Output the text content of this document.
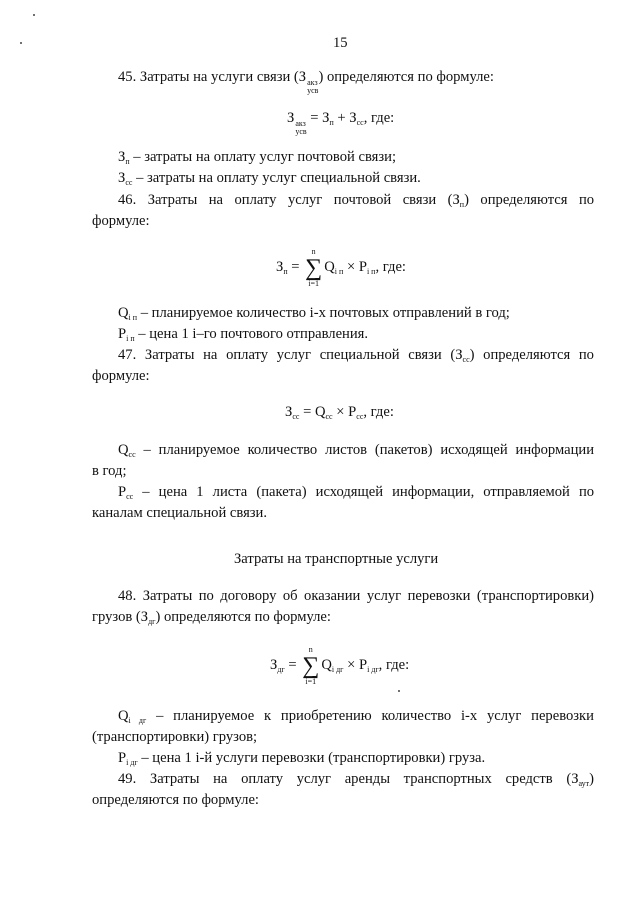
15
45. Затраты на услуги связи (З акз
усв
) определяются по формуле:
З акз
усв
= $З_п + З_{сс}$, где:
$З_п$ – затраты на оплату услуг почтовой связи;
$З_{сс}$ – затраты на оплату услуг специальной связи.
46. Затраты на оплату услуг почтовой связи $(З_п)$ определяются по
формуле:
$З_п$ =
n
∑
i=1
$Q_{i п} \times P_{i п}$, где:
$Q_{i п}$ – планируемое количество i-х почтовых отправлений в год;
$P_{i п}$ – цена 1 i–го почтового отправления.
47. Затраты на оплату услуг специальной связи $(З_{сс})$ определяются по
формуле:
$З_{сс} = Q_{сс} \times P_{сс}$, где:
$Q_{сс}$ – планируемое количество листов (пакетов) исходящей информации
в год;
$P_{сс}$ – цена 1 листа (пакета) исходящей информации, отправляемой по
каналам специальной связи.
Затраты на транспортные услуги
48. Затраты по договору об оказании услуг перевозки (транспортировки)
грузов $(З_{дг})$ определяются по формуле:
$З_{дг}$ =
n
∑
i=1
$Q_{i дг} \times P_{i дг}$, где:
$Q_{i дг}$ – планируемое к приобретению количество i-х услуг перевозки
(транспортировки) грузов;
$P_{i дг}$ – цена 1 i-й услуги перевозки (транспортировки) груза.
49. Затраты на оплату услуг аренды транспортных средств $(З_{аут})$
определяются по формуле:
